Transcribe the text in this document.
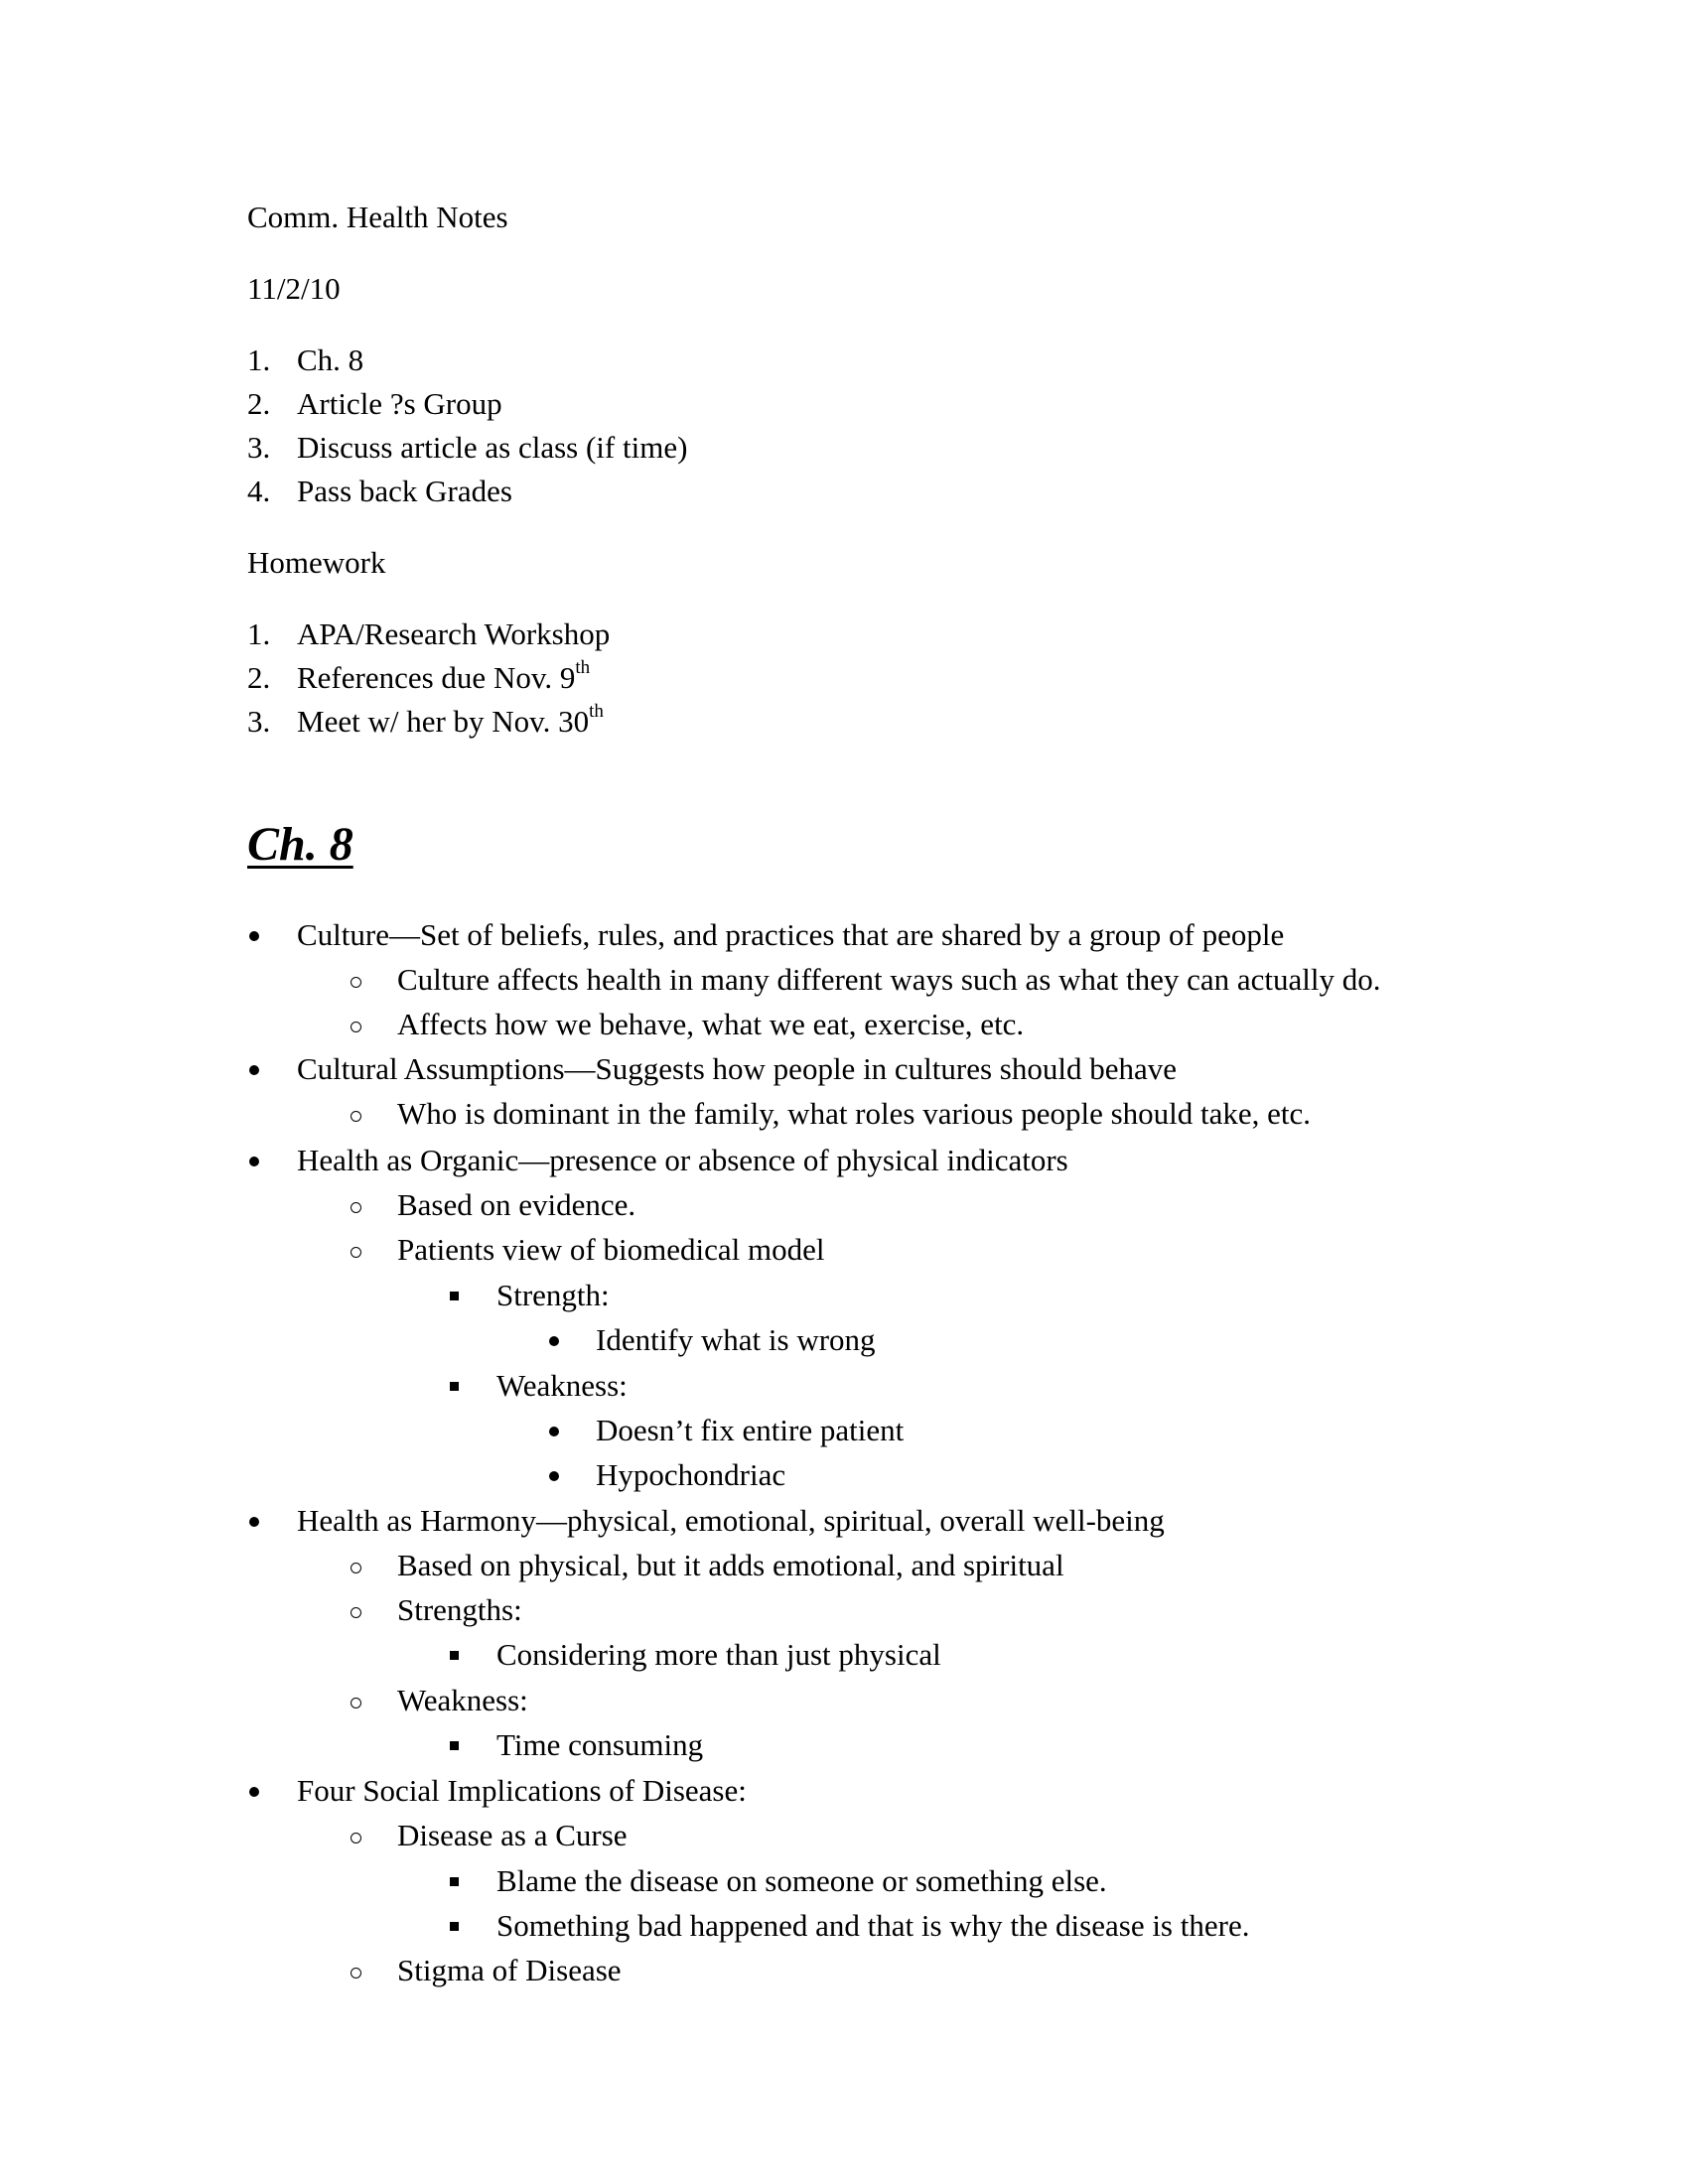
Comm. Health Notes
11/2/10
1. Ch. 8
2. Article ?s Group
3. Discuss article as class (if time)
4. Pass back Grades
Homework
1. APA/Research Workshop
2. References due Nov. 9th
3. Meet w/ her by Nov. 30th
Ch. 8
Culture—Set of beliefs, rules, and practices that are shared by a group of people
Culture affects health in many different ways such as what they can actually do.
Affects how we behave, what we eat, exercise, etc.
Cultural Assumptions—Suggests how people in cultures should behave
Who is dominant in the family, what roles various people should take, etc.
Health as Organic—presence or absence of physical indicators
Based on evidence.
Patients view of biomedical model
Strength:
Identify what is wrong
Weakness:
Doesn’t fix entire patient
Hypochondriac
Health as Harmony—physical, emotional, spiritual, overall well-being
Based on physical, but it adds emotional, and spiritual
Strengths:
Considering more than just physical
Weakness:
Time consuming
Four Social Implications of Disease:
Disease as a Curse
Blame the disease on someone or something else.
Something bad happened and that is why the disease is there.
Stigma of Disease
